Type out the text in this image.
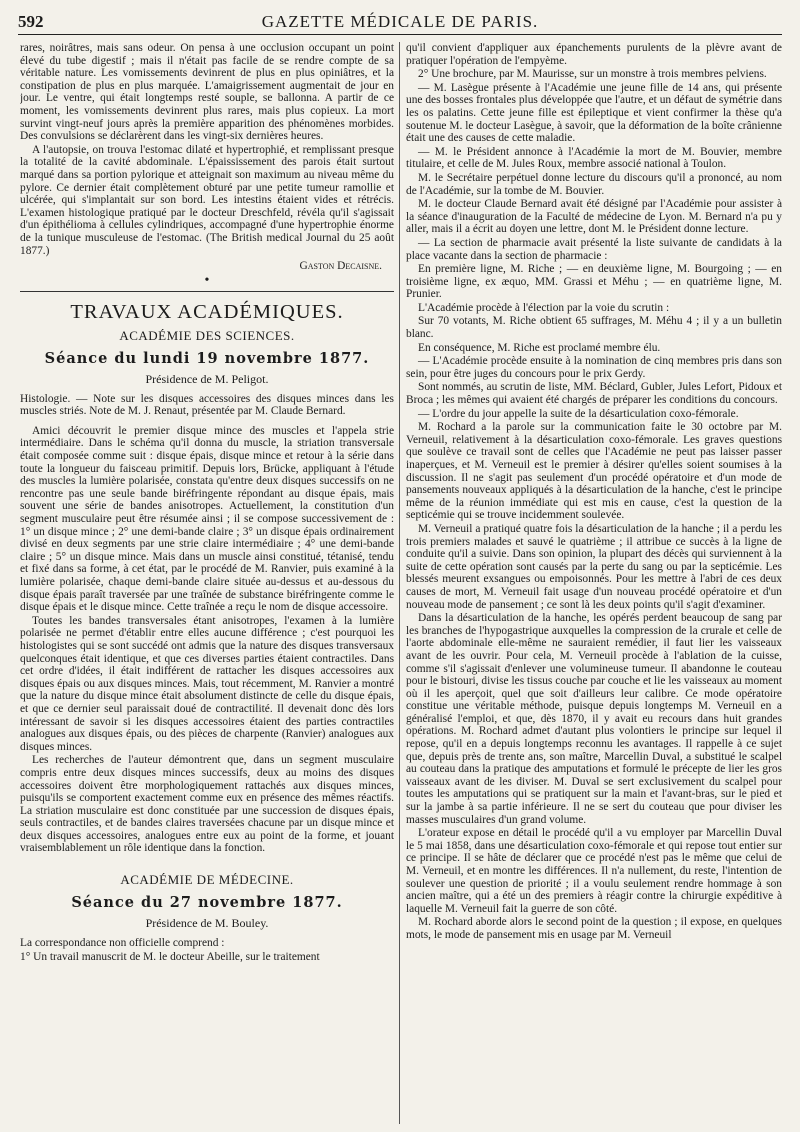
592	GAZETTE MÉDICALE DE PARIS.

rares, noirâtres, mais sans odeur. On pensa à une occlusion occupant un point élevé du tube digestif ; mais il n'était pas facile de se rendre compte de sa véritable nature. Les vomissements devinrent de plus en plus opiniâtres, et la constipation de plus en plus marquée. L'amaigrissement augmentait de jour en jour. Le ventre, qui était longtemps resté souple, se ballonna. A partir de ce moment, les vomissements devinrent plus rares, mais plus copieux. La mort survint vingt-neuf jours après la première apparition des phénomènes morbides. Des convulsions se déclarèrent dans les vingt-six dernières heures.

A l'autopsie, on trouva l'estomac dilaté et hypertrophié, et remplissant presque la totalité de la cavité abdominale. L'épaississement des parois était surtout marqué dans sa portion pylorique et atteignait son maximum au niveau même du pylore. Ce dernier était complètement obturé par une petite tumeur ramollie et ulcérée, qui s'implantait sur son bord. Les intestins étaient vides et rétrécis. L'examen histologique pratiqué par le docteur Dreschfeld, révéla qu'il s'agissait d'un épithélioma à cellules cylindriques, accompagné d'une hypertrophie énorme de la tunique musculeuse de l'estomac. (The British medical Journal du 25 août 1877.)

Gaston Decaisne.
•
TRAVAUX ACADÉMIQUES.
ACADÉMIE DES SCIENCES.
Séance du lundi 19 novembre 1877.
Présidence de M. Peligot.

Histologie. — Note sur les disques accessoires des disques minces dans les muscles striés. Note de M. J. Renaut, présentée par M. Claude Bernard.

Amici découvrit le premier disque mince des muscles et l'appela strie intermédiaire. Dans le schéma qu'il donna du muscle, la striation transversale était composée comme suit : disque épais, disque mince et retour à la série dans toute la longueur du faisceau primitif. Depuis lors, Brücke, appliquant à l'étude des muscles la lumière polarisée, constata qu'entre deux disques successifs on ne rencontre pas une seule bande biréfringente répondant au disque épais, mais souvent une série de bandes anisotropes. Actuellement, la constitution d'un segment musculaire peut être résumée ainsi ; il se compose successivement de : 1° un disque mince ; 2° une demi-bande claire ; 3° un disque épais ordinairement divisé en deux segments par une strie claire intermédiaire ; 4° une demi-bande claire ; 5° un disque mince. Mais dans un muscle ainsi constitué, tétanisé, tendu et fixé dans sa forme, à cet état, par le procédé de M. Ranvier, puis examiné à la lumière polarisée, chaque demi-bande claire située au-dessus et au-dessous du disque épais paraît traversée par une traînée de substance biréfringente comme le disque épais et le disque mince. Cette traînée a reçu le nom de disque accessoire.

Toutes les bandes transversales étant anisotropes, l'examen à la lumière polarisée ne permet d'établir entre elles aucune différence ; c'est pourquoi les histologistes qui se sont succédé ont admis que la nature des disques transversaux quelconques était identique, et que ces diverses parties étaient contractiles. Dans cet ordre d'idées, il était indifférent de rattacher les disques accessoires aux disques épais ou aux disques minces. Mais, tout récemment, M. Ranvier a montré que la nature du disque mince était absolument distincte de celle du disque épais, et que ce dernier seul paraissait doué de contractilité. Il devenait donc dès lors intéressant de savoir si les disques accessoires étaient des parties contractiles analogues aux disques épais, ou des pièces de charpente (Ranvier) analogues aux disques minces.

Les recherches de l'auteur démontrent que, dans un segment musculaire compris entre deux disques minces successifs, deux au moins des disques accessoires doivent être morphologiquement rattachés aux disques minces, puisqu'ils se comportent exactement comme eux en présence des mêmes réactifs. La striation musculaire est donc constituée par une succession de disques épais, seuls contractiles, et de bandes claires traversées chacune par un disque mince et deux disques accessoires, analogues entre eux au point de la forme, et jouant vraisemblablement un rôle identique dans la fonction.

ACADÉMIE DE MÉDECINE.
Séance du 27 novembre 1877.
Présidence de M. Bouley.

La correspondance non officielle comprend :

1° Un travail manuscrit de M. le docteur Abeille, sur le traitement

qu'il convient d'appliquer aux épanchements purulents de la plèvre avant de pratiquer l'opération de l'empyème.

2° Une brochure, par M. Maurisse, sur un monstre à trois membres pelviens.

— M. Lasègue présente à l'Académie une jeune fille de 14 ans, qui présente une des bosses frontales plus développée que l'autre, et un défaut de symétrie dans les os palatins. Cette jeune fille est épileptique et vient confirmer la thèse qu'a soutenue M. le docteur Lasègue, à savoir, que la déformation de la boîte crânienne était une des causes de cette maladie.

— M. le Président annonce à l'Académie la mort de M. Bouvier, membre titulaire, et celle de M. Jules Roux, membre associé national à Toulon.

M. le Secrétaire perpétuel donne lecture du discours qu'il a prononcé, au nom de l'Académie, sur la tombe de M. Bouvier.

M. le docteur Claude Bernard avait été désigné par l'Académie pour assister à la séance d'inauguration de la Faculté de médecine de Lyon. M. Bernard n'a pu y aller, mais il a écrit au doyen une lettre, dont M. le Président donne lecture.

— La section de pharmacie avait présenté la liste suivante de candidats à la place vacante dans la section de pharmacie :

En première ligne, M. Riche ; — en deuxième ligne, M. Bourgoing ; — en troisième ligne, ex æquo, MM. Grassi et Méhu ; — en quatrième ligne, M. Prunier.

L'Académie procède à l'élection par la voie du scrutin :

Sur 70 votants, M. Riche obtient 65 suffrages, M. Méhu 4 ; il y a un bulletin blanc.

En conséquence, M. Riche est proclamé membre élu.

— L'Académie procède ensuite à la nomination de cinq membres pris dans son sein, pour être juges du concours pour le prix Gerdy.

Sont nommés, au scrutin de liste, MM. Béclard, Gubler, Jules Lefort, Pidoux et Broca ; les mêmes qui avaient été chargés de préparer les conditions du concours.

— L'ordre du jour appelle la suite de la désarticulation coxo-fémorale.

M. Rochard a la parole sur la communication faite le 30 octobre par M. Verneuil, relativement à la désarticulation coxo-fémorale. Les graves questions que soulève ce travail sont de celles que l'Académie ne peut pas laisser passer inaperçues, et M. Verneuil est le premier à désirer qu'elles soient soumises à la discussion. Il ne s'agit pas seulement d'un procédé opératoire et d'un mode de pansements nouveaux appliqués à la désarticulation de la hanche, c'est le principe même de la réunion immédiate qui est mis en cause, c'est la question de la septicémie qui se trouve incidemment soulevée.

M. Verneuil a pratiqué quatre fois la désarticulation de la hanche ; il a perdu les trois premiers malades et sauvé le quatrième ; il attribue ce succès à la ligne de conduite qu'il a suivie. Dans son opinion, la plupart des décès qui surviennent à la suite de cette opération sont causés par la perte du sang ou par la septicémie. Les blessés meurent exsangues ou empoisonnés. Pour les mettre à l'abri de ces deux causes de mort, M. Verneuil fait usage d'un nouveau procédé opératoire et d'un nouveau mode de pansement ; ce sont là les deux points qu'il s'agit d'examiner.

Dans la désarticulation de la hanche, les opérés perdent beaucoup de sang par les branches de l'hypogastrique auxquelles la compression de la crurale et celle de l'aorte abdominale elle-même ne sauraient remédier, il faut lier les vaisseaux avant de les ouvrir. Pour cela, M. Verneuil procède à l'ablation de la cuisse, comme s'il s'agissait d'enlever une volumineuse tumeur. Il abandonne le couteau pour le bistouri, divise les tissus couche par couche et lie les vaisseaux au moment où il les aperçoit, quel que soit d'ailleurs leur calibre. Ce mode opératoire constitue une véritable méthode, puisque depuis longtemps M. Verneuil en a généralisé l'emploi, et que, dès 1870, il y avait eu recours dans huit grandes opérations. M. Rochard admet d'autant plus volontiers le principe sur lequel il repose, qu'il en a depuis longtemps reconnu les avantages. Il rappelle à ce sujet que, depuis près de trente ans, son maître, Marcellin Duval, a substitué le scalpel au couteau dans la pratique des amputations et formulé le précepte de lier les gros vaisseaux avant de les diviser. M. Duval se sert exclusivement du scalpel pour toutes les amputations qui se pratiquent sur la main et l'avant-bras, sur le pied et sur la jambe à sa partie inférieure. Il ne se sert du couteau que pour diviser les masses musculaires d'un grand volume.

L'orateur expose en détail le procédé qu'il a vu employer par Marcellin Duval le 5 mai 1858, dans une désarticulation coxo-fémorale et qui repose tout entier sur ce principe. Il se hâte de déclarer que ce procédé n'est pas le même que celui de M. Verneuil, et en montre les différences. Il n'a nullement, du reste, l'intention de soulever une question de priorité ; il a voulu seulement rendre hommage à son ancien maître, qui a été un des premiers à réagir contre la chirurgie expéditive à laquelle M. Verneuil fait la guerre de son côté.

M. Rochard aborde alors le second point de la question ; il expose, en quelques mots, le mode de pansement mis en usage par M. Verneuil
